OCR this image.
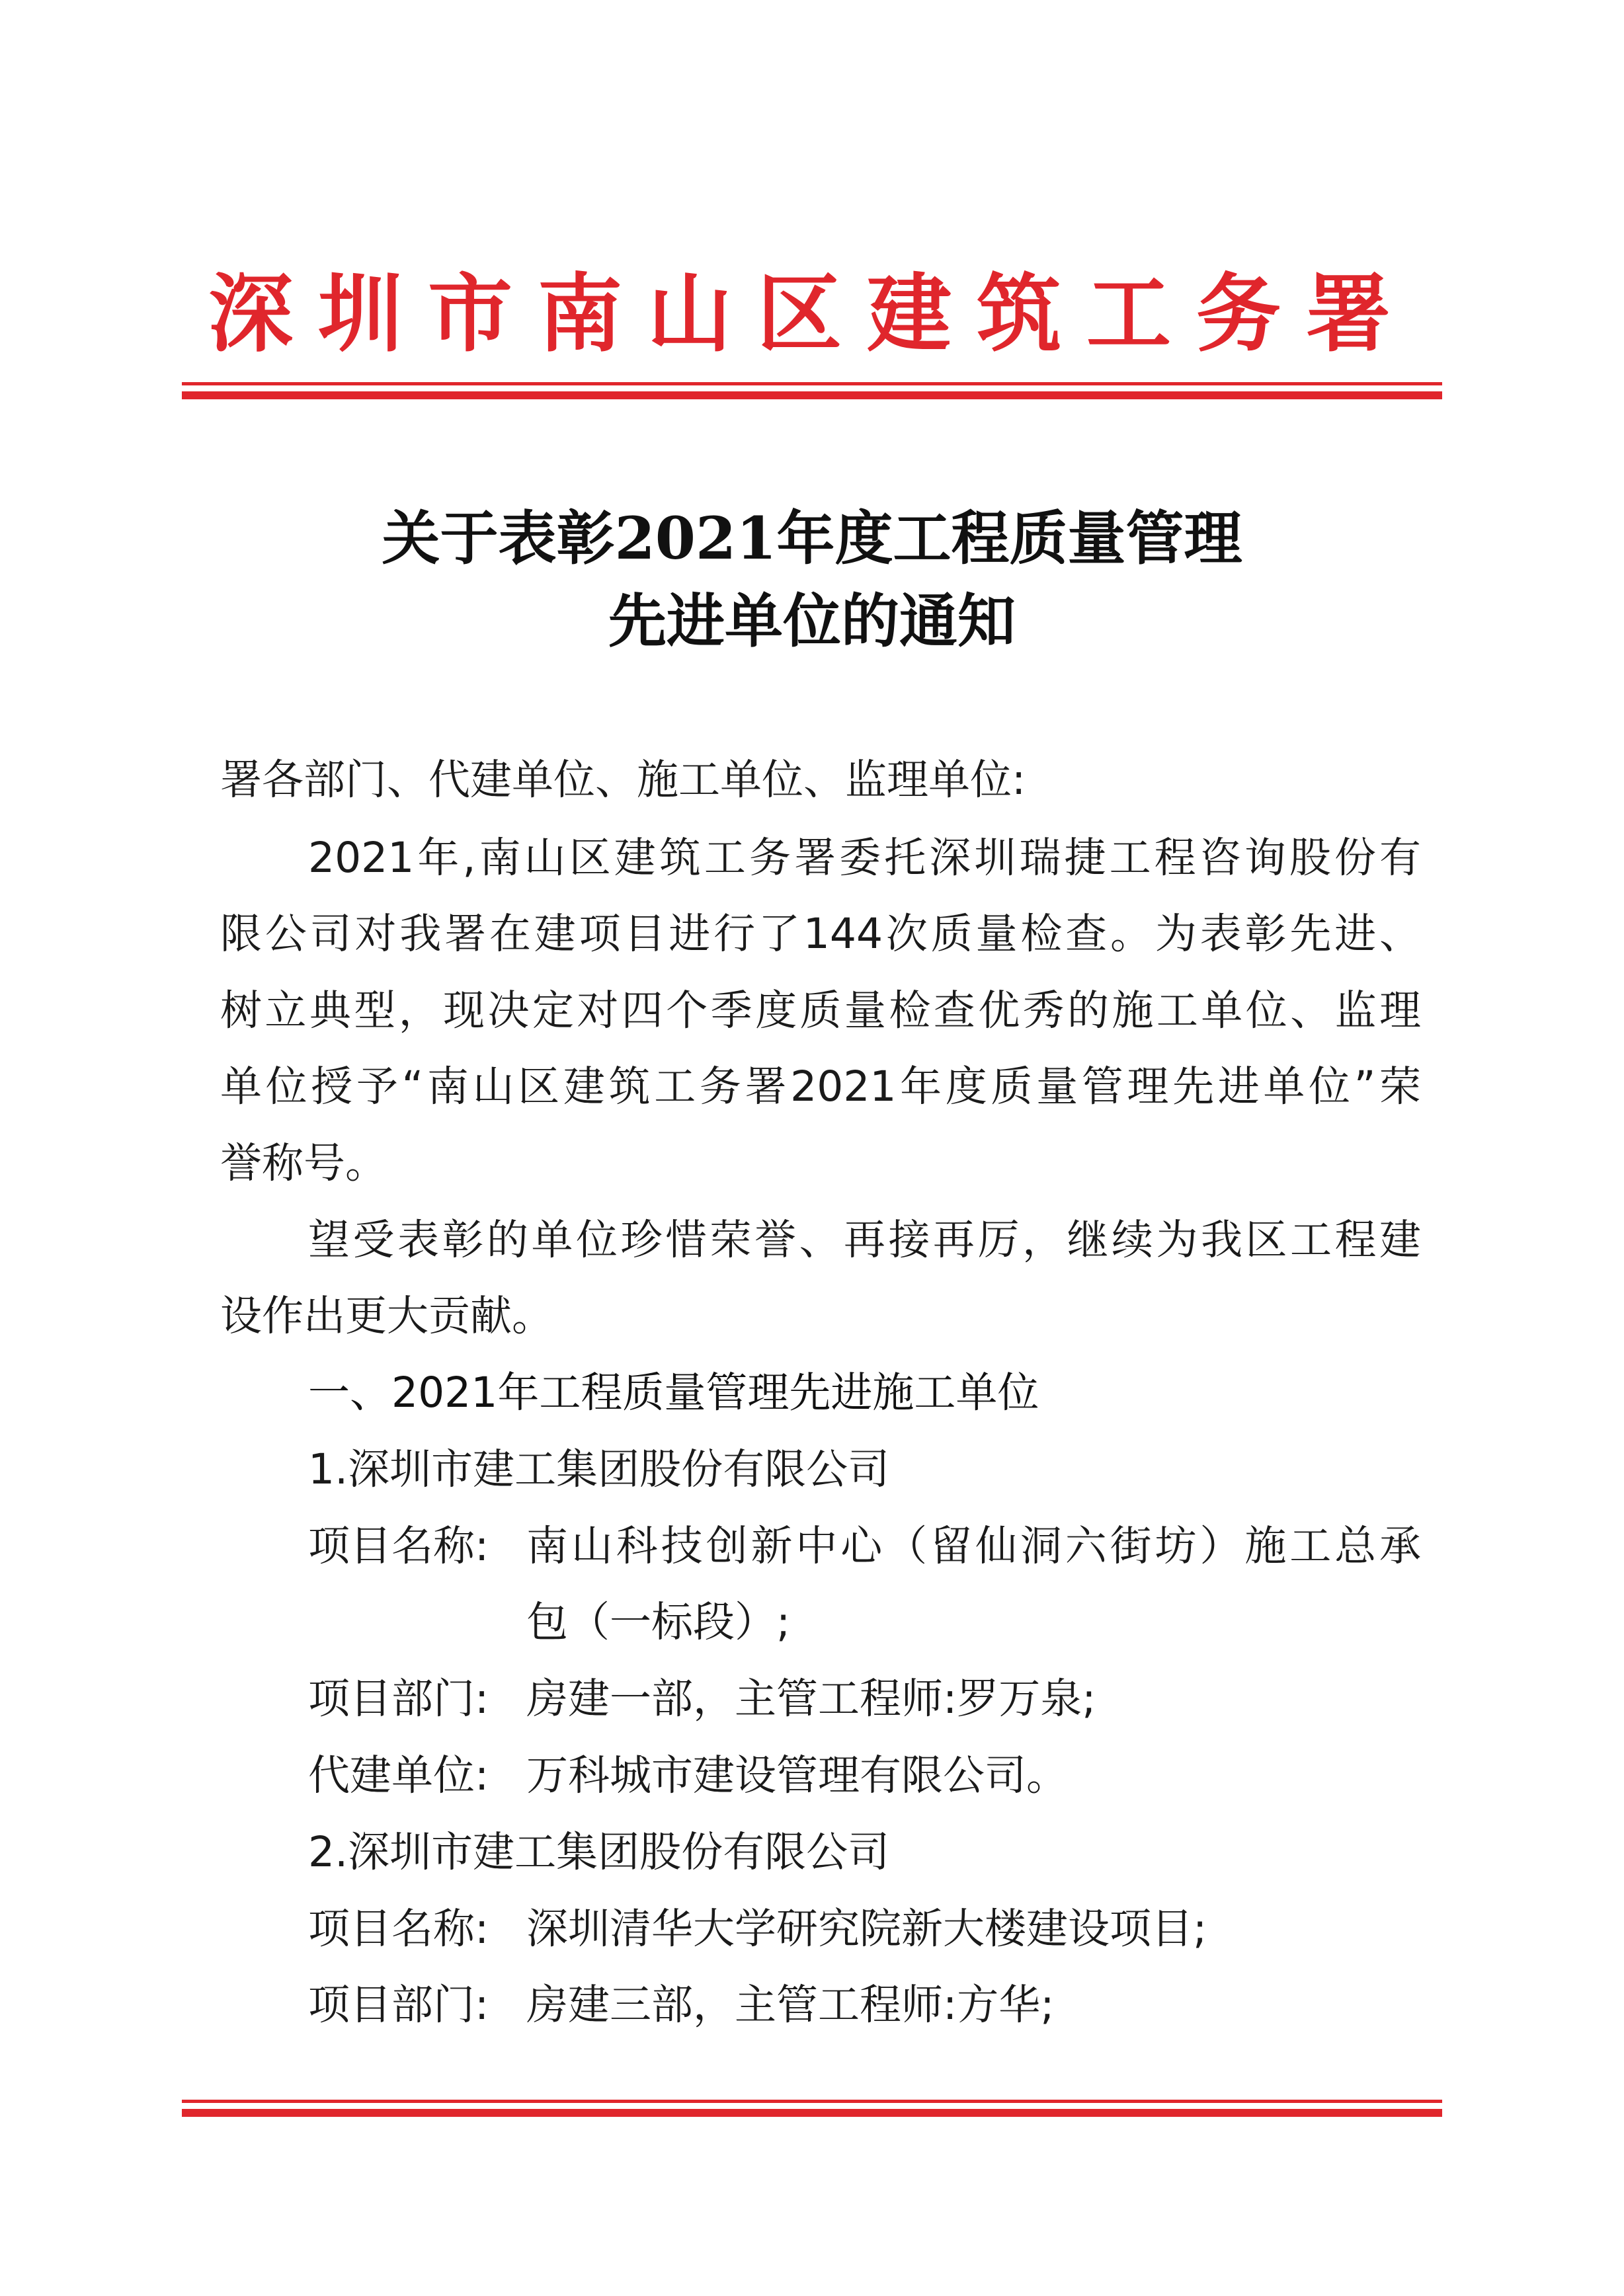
深圳市南山区建筑工务署
关于表彰2021年度工程质量管理
先进单位的通知
署各部门、代建单位、施工单位、监理单位:
2021年,南山区建筑工务署委托深圳瑞捷工程咨询股份有
限公司对我署在建项目进行了144次质量检查。为表彰先进、
树立典型，现决定对四个季度质量检查优秀的施工单位、监理
单位授予“南山区建筑工务署2021年度质量管理先进单位”荣
誉称号。
望受表彰的单位珍惜荣誉、再接再厉，继续为我区工程建
设作出更大贡献。
一、2021年工程质量管理先进施工单位
1.深圳市建工集团股份有限公司
项目名称: 南山科技创新中心（留仙洞六街坊）施工总承
包（一标段）;
项目部门: 房建一部，主管工程师:罗万泉;
代建单位: 万科城市建设管理有限公司。
2.深圳市建工集团股份有限公司
项目名称: 深圳清华大学研究院新大楼建设项目;
项目部门: 房建三部，主管工程师:方华;
